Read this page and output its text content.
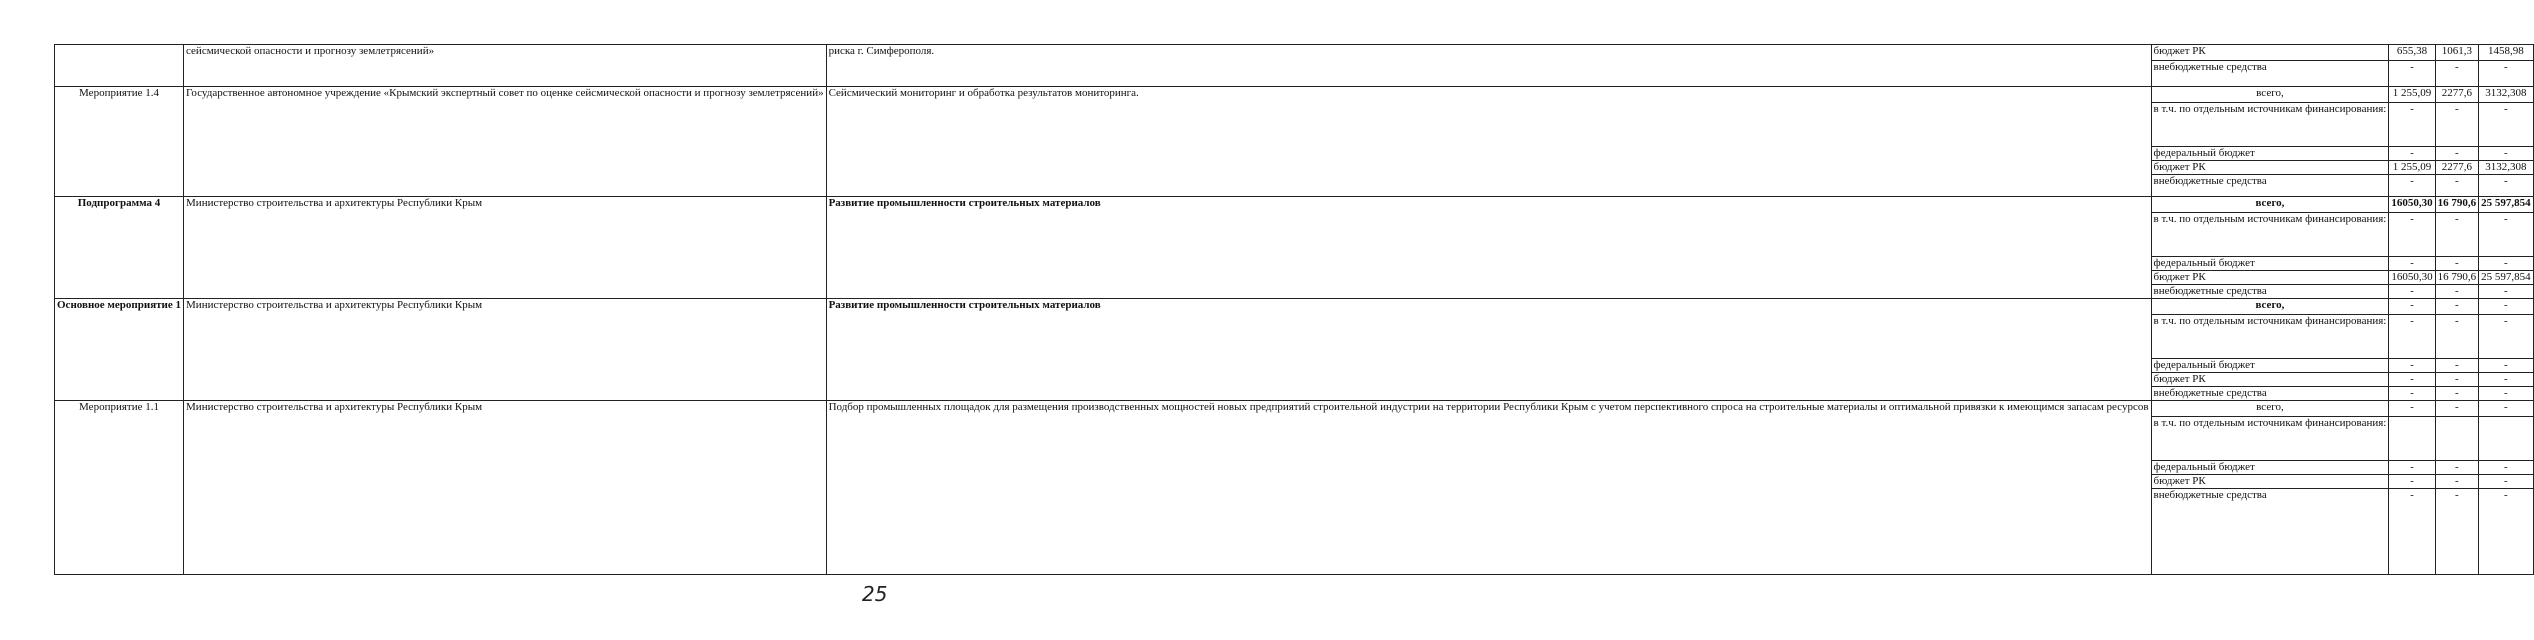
	сейсмической опасности и прогнозу землетрясений»	риска г. Симферополя.	бюджет РК	655,38	1061,3	1458,98
			внебюджетные средства	-	-	-
Мероприятие 1.4	Государственное автономное учреждение «Крымский экспертный совет по оценке сейсмической опасности и прогнозу землетрясений»	Сейсмический мониторинг и обработка результатов мониторинга.	всего,	1 255,09	2277,6	3132,308
			в т.ч. по отдельным источникам финансирования:	-	-	-
			федеральный бюджет	-	-	-
			бюджет РК	1 255,09	2277,6	3132,308
			внебюджетные средства	-	-	-
Подпрограмма 4	Министерство строительства и архитектуры Республики Крым	Развитие промышленности строительных материалов	всего,	16050,30	16 790,6	25 597,854
			в т.ч. по отдельным источникам финансирования:	-	-	-
			федеральный бюджет	-	-	-
			бюджет РК	16050,30	16 790,6	25 597,854
			внебюджетные средства	-	-	-
Основное мероприятие 1	Министерство строительства и архитектуры Республики Крым	Развитие промышленности строительных материалов	всего,	-	-	-
			в т.ч. по отдельным источникам финансирования:	-	-	-
			федеральный бюджет	-	-	-
			бюджет РК	-	-	-
			внебюджетные средства	-	-	-
Мероприятие 1.1	Министерство строительства и архитектуры Республики Крым	Подбор промышленных площадок для размещения производственных мощностей новых предприятий строительной индустрии на территории Республики Крым с учетом перспективного спроса на строительные материалы и оптимальной привязки к имеющимся запасам ресурсов	всего,	-	-	-
			в т.ч. по отдельным источникам финансирования:			
			федеральный бюджет	-	-	-
			бюджет РК	-	-	-
			внебюджетные средства	-	-	-
25
